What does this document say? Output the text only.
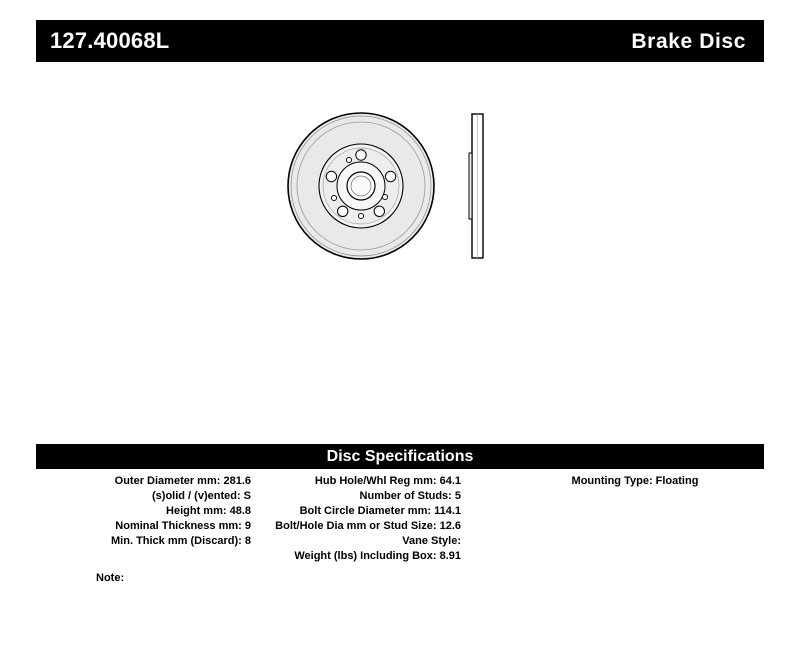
127.40068L	Brake Disc
Disc Specifications
Outer Diameter mm: 281.6
(s)olid / (v)ented: S
Height mm: 48.8
Nominal Thickness mm: 9
Min. Thick mm (Discard): 8
Hub Hole/Whl Reg mm: 64.1
Number of Studs: 5
Bolt Circle Diameter mm: 114.1
Bolt/Hole Dia mm or Stud Size: 12.6
Vane Style:
Weight (lbs) Including Box: 8.91
Mounting Type: Floating
Note:
